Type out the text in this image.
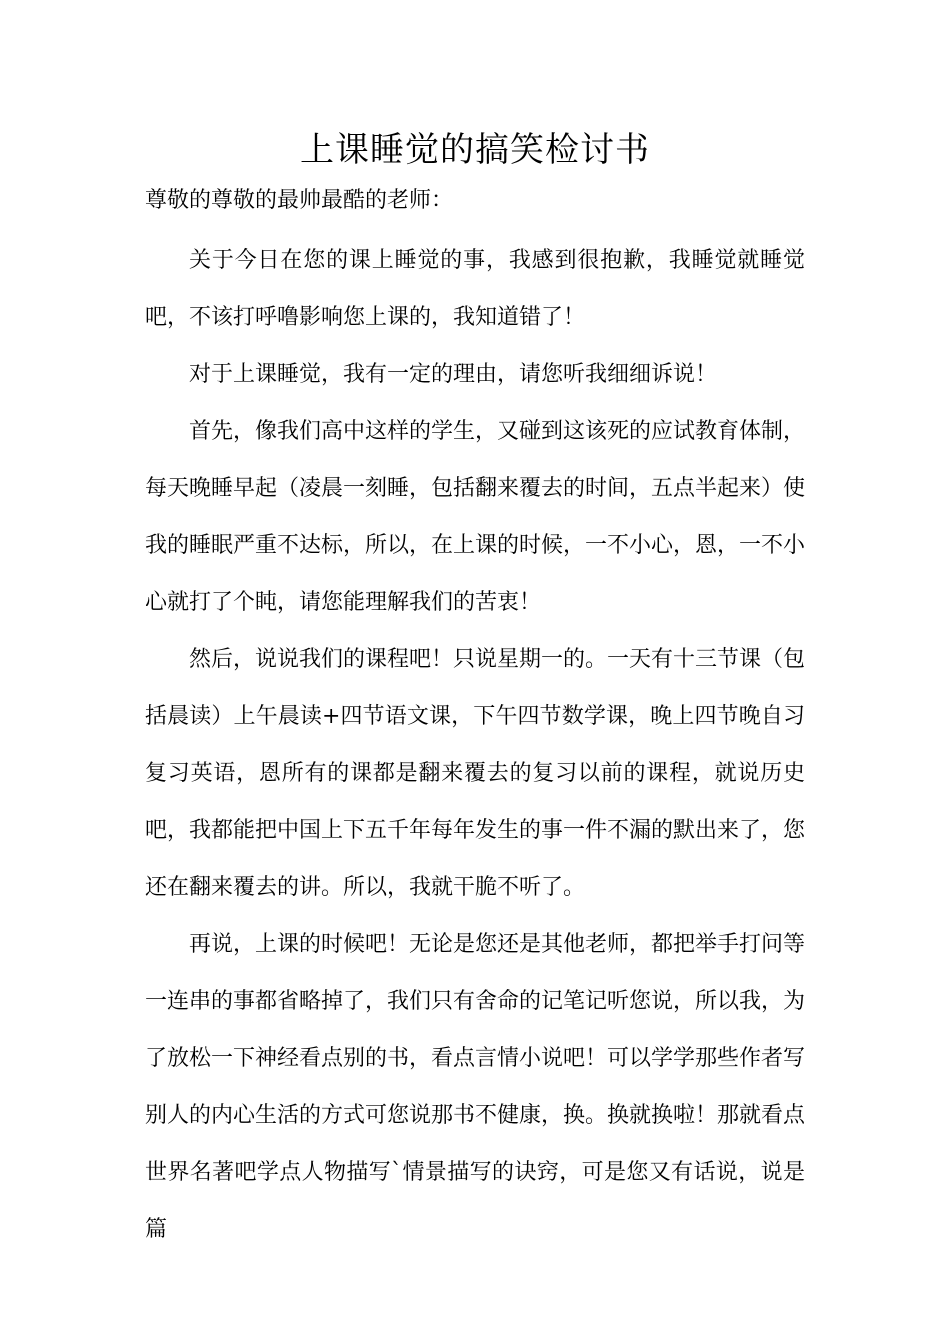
上课睡觉的搞笑检讨书

尊敬的尊敬的最帅最酷的老师：

关于今日在您的课上睡觉的事，我感到很抱歉，我睡觉就睡觉吧，不该打呼噜影响您上课的，我知道错了！

对于上课睡觉，我有一定的理由，请您听我细细诉说！

首先，像我们高中这样的学生，又碰到这该死的应试教育体制，每天晚睡早起（凌晨一刻睡，包括翻来覆去的时间，五点半起来）使我的睡眠严重不达标，所以，在上课的时候，一不小心，恩，一不小心就打了个盹，请您能理解我们的苦衷！

然后，说说我们的课程吧！只说星期一的。一天有十三节课（包括晨读）上午晨读+四节语文课，下午四节数学课，晚上四节晚自习复习英语，恩所有的课都是翻来覆去的复习以前的课程，就说历史吧，我都能把中国上下五千年每年发生的事一件不漏的默出来了，您还在翻来覆去的讲。所以，我就干脆不听了。

再说，上课的时候吧！无论是您还是其他老师，都把举手打问等一连串的事都省略掉了，我们只有舍命的记笔记听您说，所以我，为了放松一下神经看点别的书，看点言情小说吧！可以学学那些作者写别人的内心生活的方式可您说那书不健康，换。换就换啦！那就看点世界名著吧学点人物描写`情景描写的诀窍，可是您又有话说，说是篇
